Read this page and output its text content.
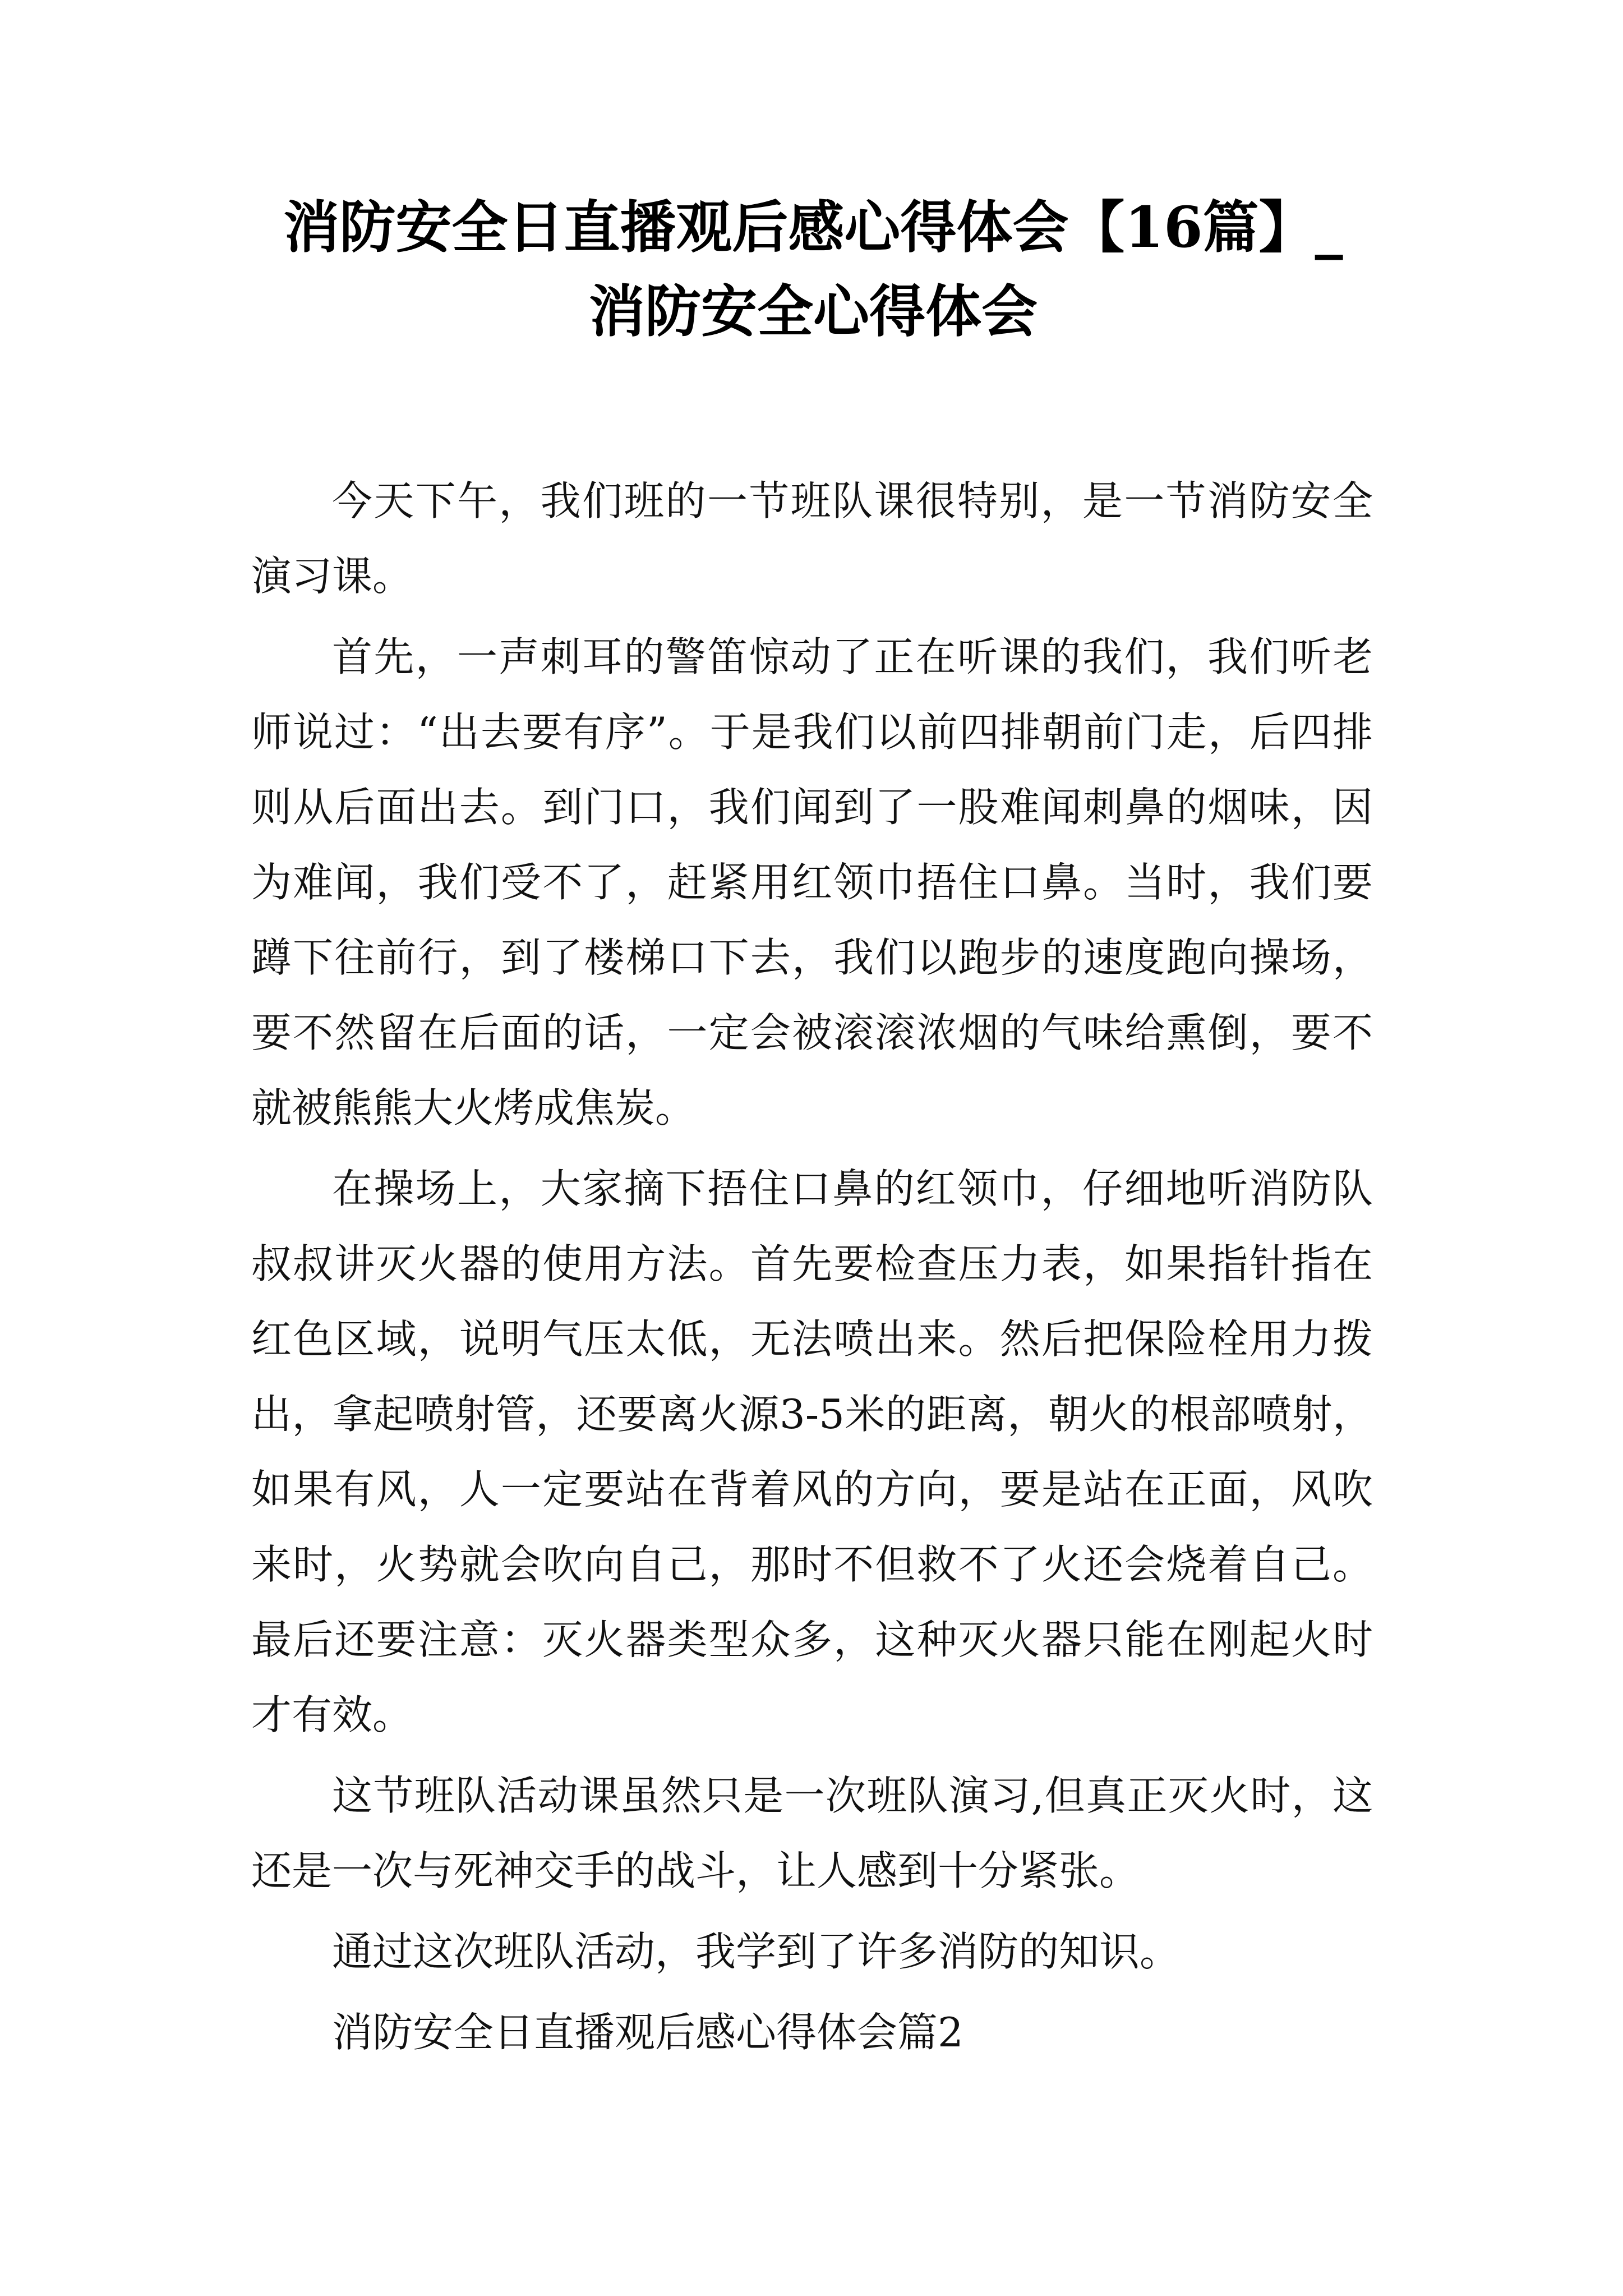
消防安全日直播观后感心得体会【16篇】_
消防安全心得体会

今天下午，我们班的一节班队课很特别，是一节消防安全演习课。

首先，一声刺耳的警笛惊动了正在听课的我们，我们听老师说过：“出去要有序”。于是我们以前四排朝前门走，后四排则从后面出去。到门口，我们闻到了一股难闻刺鼻的烟味，因为难闻，我们受不了，赶紧用红领巾捂住口鼻。当时，我们要蹲下往前行，到了楼梯口下去，我们以跑步的速度跑向操场，要不然留在后面的话，一定会被滚滚浓烟的气味给熏倒，要不就被熊熊大火烤成焦炭。

在操场上，大家摘下捂住口鼻的红领巾，仔细地听消防队叔叔讲灭火器的使用方法。首先要检查压力表，如果指针指在红色区域，说明气压太低，无法喷出来。然后把保险栓用力拨出，拿起喷射管，还要离火源3-5米的距离，朝火的根部喷射，如果有风，人一定要站在背着风的方向，要是站在正面，风吹来时，火势就会吹向自己，那时不但救不了火还会烧着自己。最后还要注意：灭火器类型众多，这种灭火器只能在刚起火时才有效。

这节班队活动课虽然只是一次班队演习,但真正灭火时，这还是一次与死神交手的战斗，让人感到十分紧张。

通过这次班队活动，我学到了许多消防的知识。

消防安全日直播观后感心得体会篇2
